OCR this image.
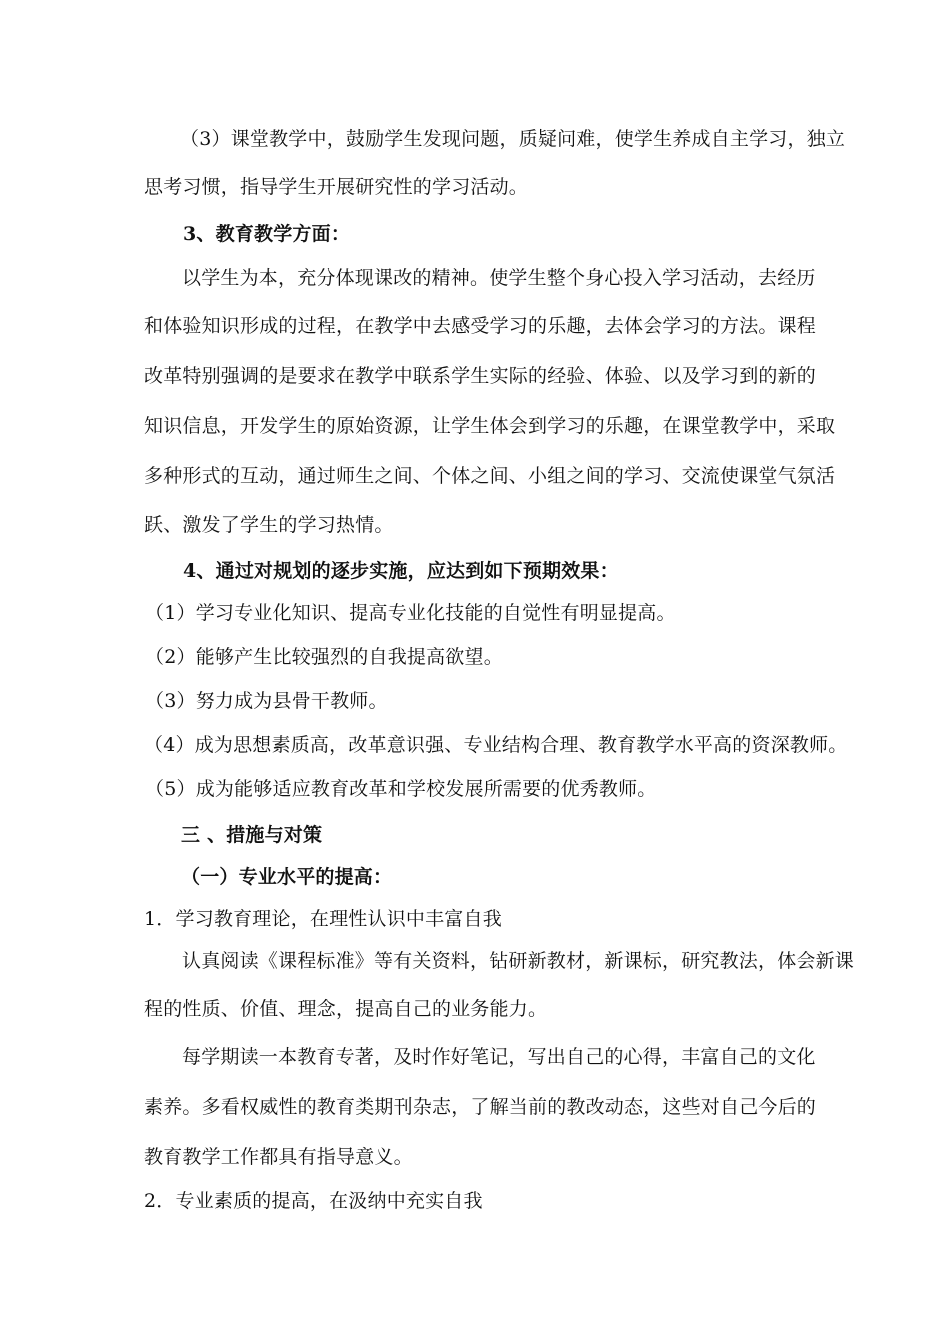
（3）课堂教学中，鼓励学生发现问题，质疑问难，使学生养成自主学习，独立
思考习惯，指导学生开展研究性的学习活动。
3、教育教学方面：
以学生为本，充分体现课改的精神。使学生整个身心投入学习活动，去经历
和体验知识形成的过程，在教学中去感受学习的乐趣，去体会学习的方法。课程
改革特别强调的是要求在教学中联系学生实际的经验、体验、以及学习到的新的
知识信息，开发学生的原始资源，让学生体会到学习的乐趣，在课堂教学中，采取
多种形式的互动，通过师生之间、个体之间、小组之间的学习、交流使课堂气氛活
跃、激发了学生的学习热情。
4、通过对规划的逐步实施，应达到如下预期效果：
（1）学习专业化知识、提高专业化技能的自觉性有明显提高。
（2）能够产生比较强烈的自我提高欲望。
（3）努力成为县骨干教师。
（4）成为思想素质高，改革意识强、专业结构合理、教育教学水平高的资深教师。
（5）成为能够适应教育改革和学校发展所需要的优秀教师。
三 、措施与对策
（一）专业水平的提高：
1．学习教育理论，在理性认识中丰富自我
认真阅读《课程标准》等有关资料，钻研新教材，新课标，研究教法，体会新课
程的性质、价值、理念，提高自己的业务能力。
每学期读一本教育专著，及时作好笔记，写出自己的心得，丰富自己的文化
素养。多看权威性的教育类期刊杂志，了解当前的教改动态，这些对自己今后的
教育教学工作都具有指导意义。
2．专业素质的提高，在汲纳中充实自我
